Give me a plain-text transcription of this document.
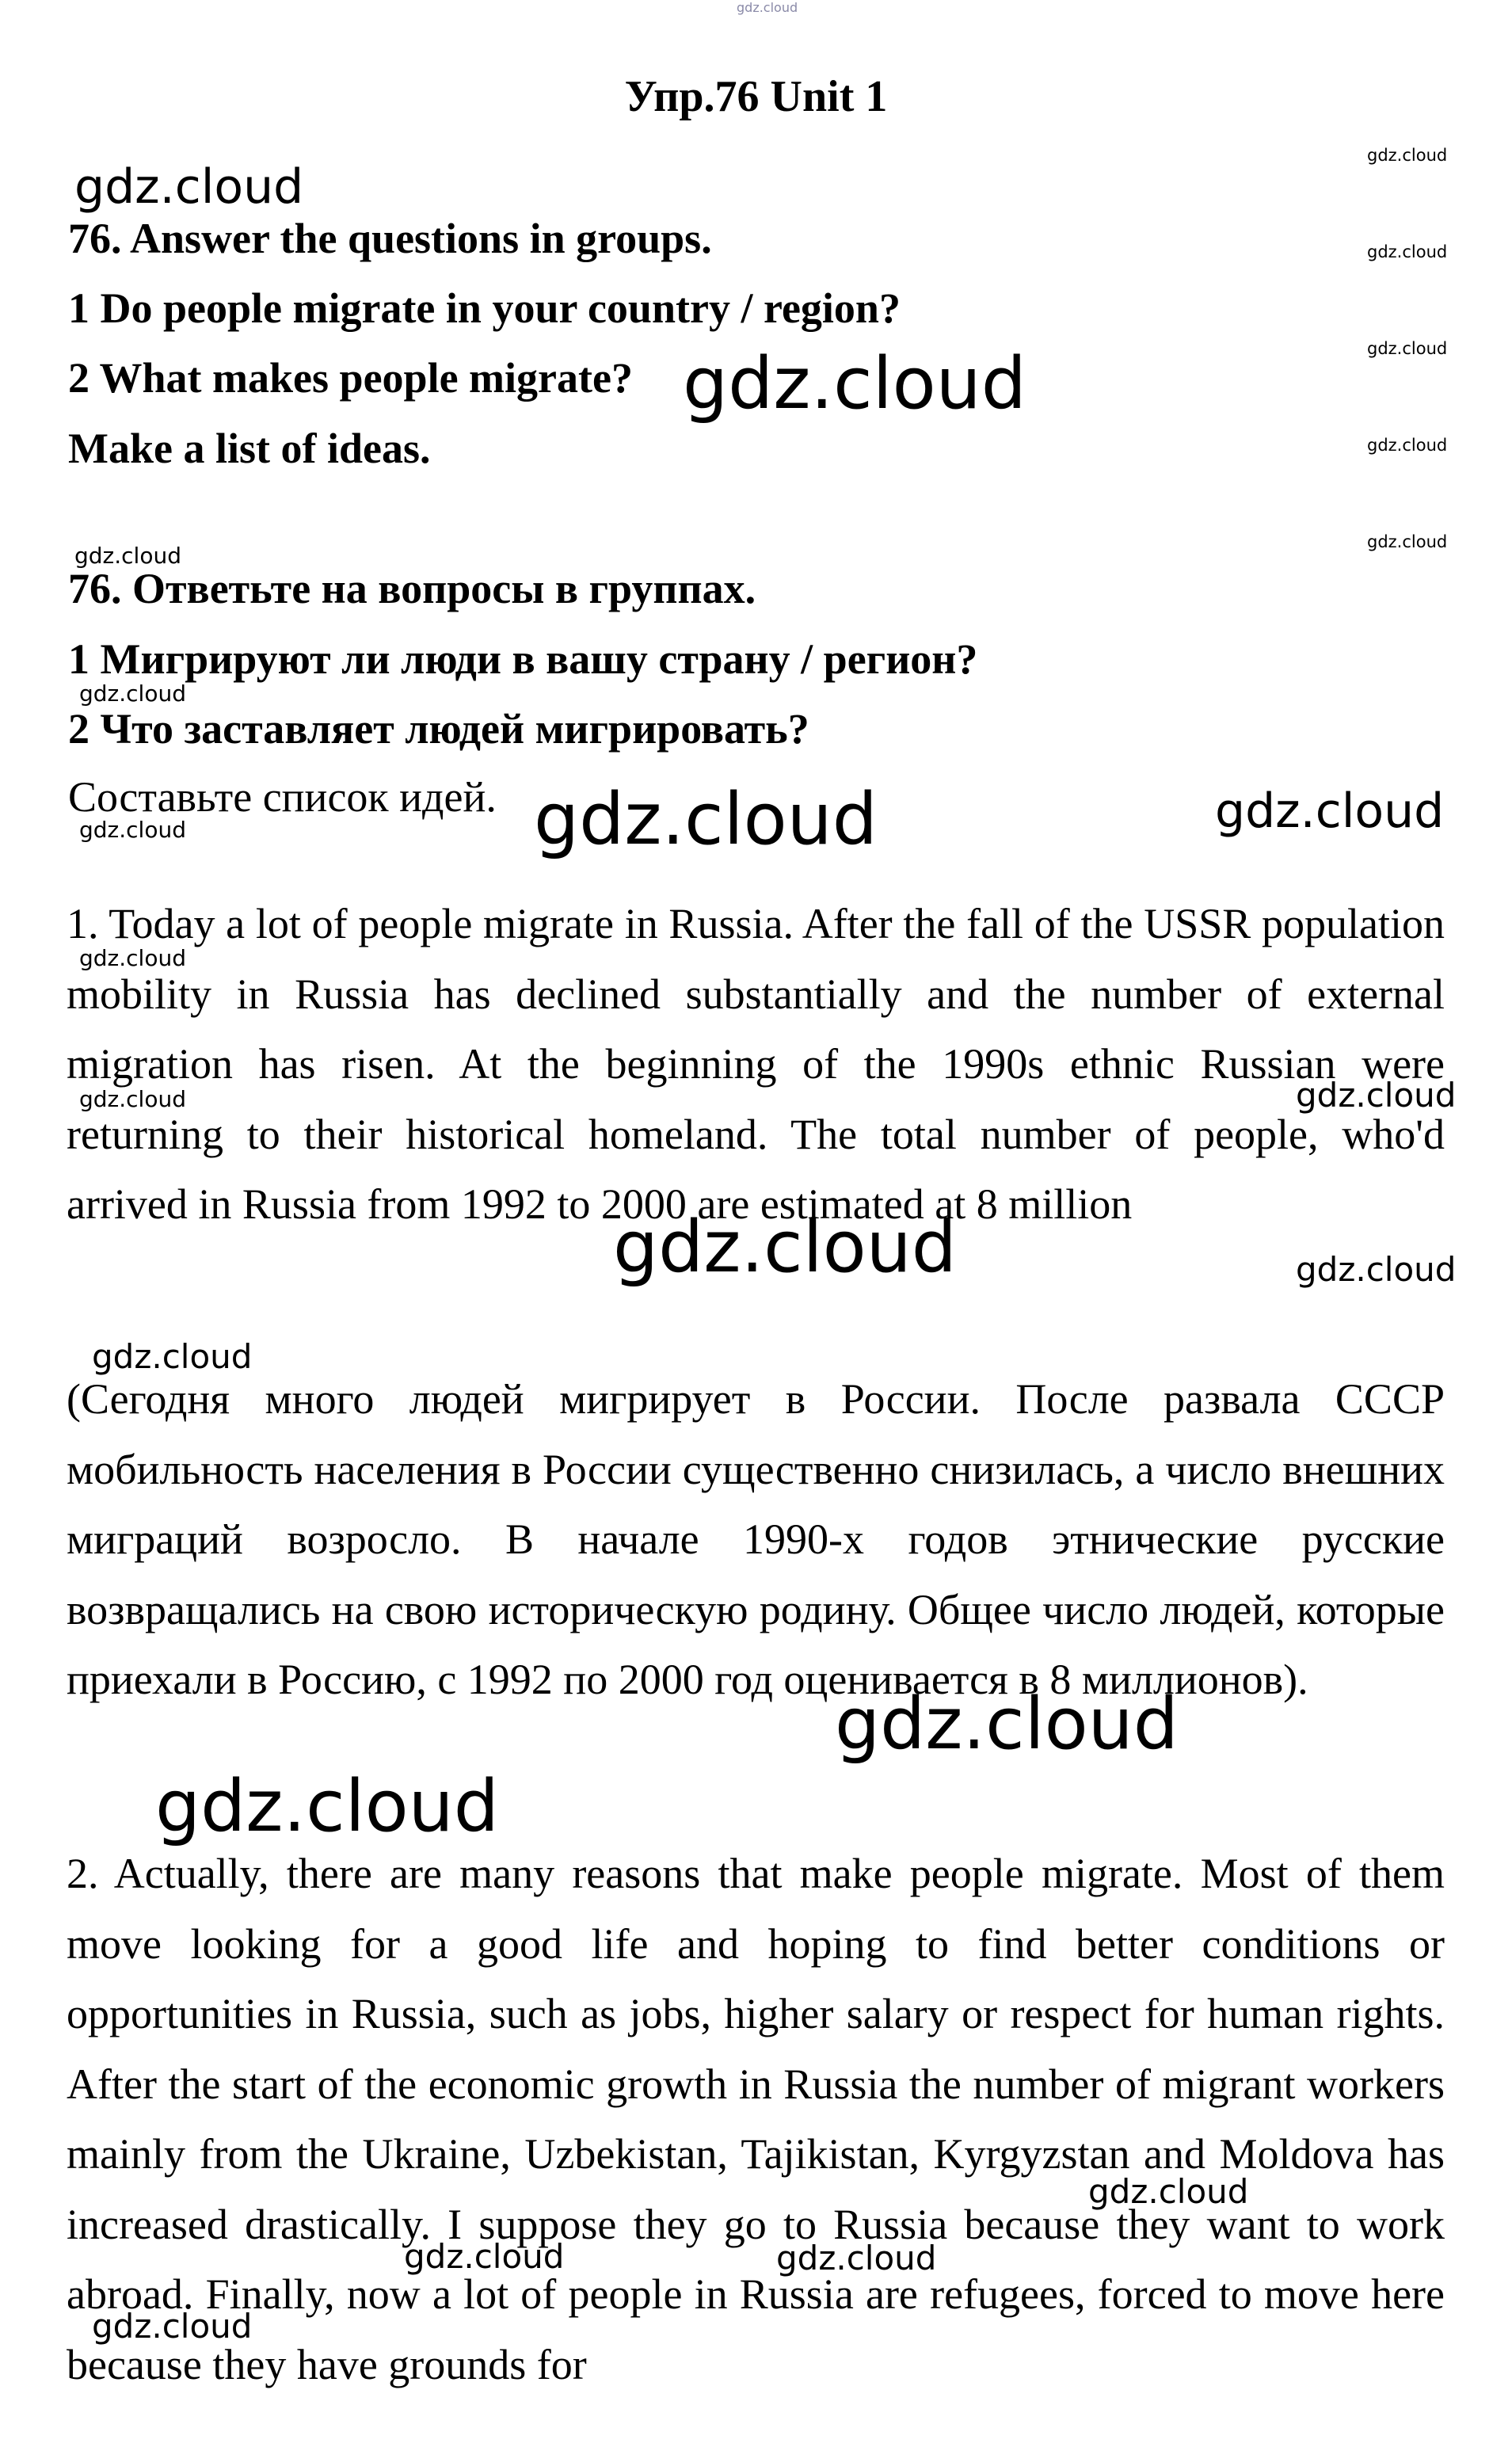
gdz.cloud
Упр.76 Unit 1
76. Answer the questions in groups.
1 Do people migrate in your country / region?
2 What makes people migrate?
Make a list of ideas.
76. Ответьте на вопросы в группах.
1 Мигрируют ли люди в вашу страну / регион?
2 Что заставляет людей мигрировать?
Составьте список идей.
1. Today a lot of people migrate in Russia. After the fall of the USSR population mobility in Russia has declined substantially and the number of external migration has risen. At the beginning of the 1990s ethnic Russian were returning to their historical homeland. The total number of people, who'd arrived in Russia from 1992 to 2000 are estimated at 8 million
(Сегодня много людей мигрирует в России. После развала СССР мобильность населения в России существенно снизилась, а число внешних миграций возросло. В начале 1990-х годов этнические русские возвращались на свою историческую родину. Общее число людей, которые приехали в Россию, с 1992 по 2000 год оценивается в 8 миллионов).
2. Actually, there are many reasons that make people migrate. Most of them move looking for a good life and hoping to find better conditions or opportunities in Russia, such as jobs, higher salary or respect for human rights. After the start of the economic growth in Russia the number of migrant workers mainly from the Ukraine, Uzbekistan, Tajikistan, Kyrgyzstan and Moldova has increased drastically. I suppose they go to Russia because they want to work abroad. Finally, now a lot of people in Russia are refugees, forced to move here because they have grounds for
gdz.cloud
gdz.cloud
gdz.cloud
gdz.cloud
gdz.cloud
gdz.cloud
gdz.cloud
gdz.cloud
gdz.cloud
gdz.cloud	gdz.cloud	gdz.cloud
gdz.cloud
gdz.cloud	gdz.cloud
gdz.cloud	gdz.cloud
gdz.cloud
gdz.cloud
gdz.cloud
gdz.cloud
gdz.cloud	gdz.cloud
gdz.cloud
